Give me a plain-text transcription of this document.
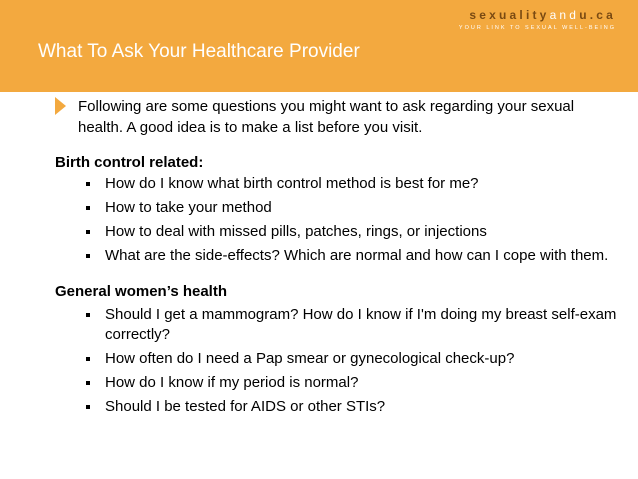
sexualityandu.ca
YOUR LINK TO SEXUAL WELL-BEING
What To Ask Your Healthcare Provider
Following are some questions you might want to ask regarding your sexual health. A good idea is to make a list before you visit.
Birth control related:
How do I know what birth control method is best for me?
How to take your method
How to deal with missed pills, patches, rings, or injections
What are the side-effects? Which are normal and how can I cope with them.
General women’s health
Should I get a mammogram? How do I know if I'm doing my breast self-exam correctly?
How often do I need a Pap smear or gynecological check-up?
How do I know if my period is normal?
Should I be tested for AIDS or other STIs?
